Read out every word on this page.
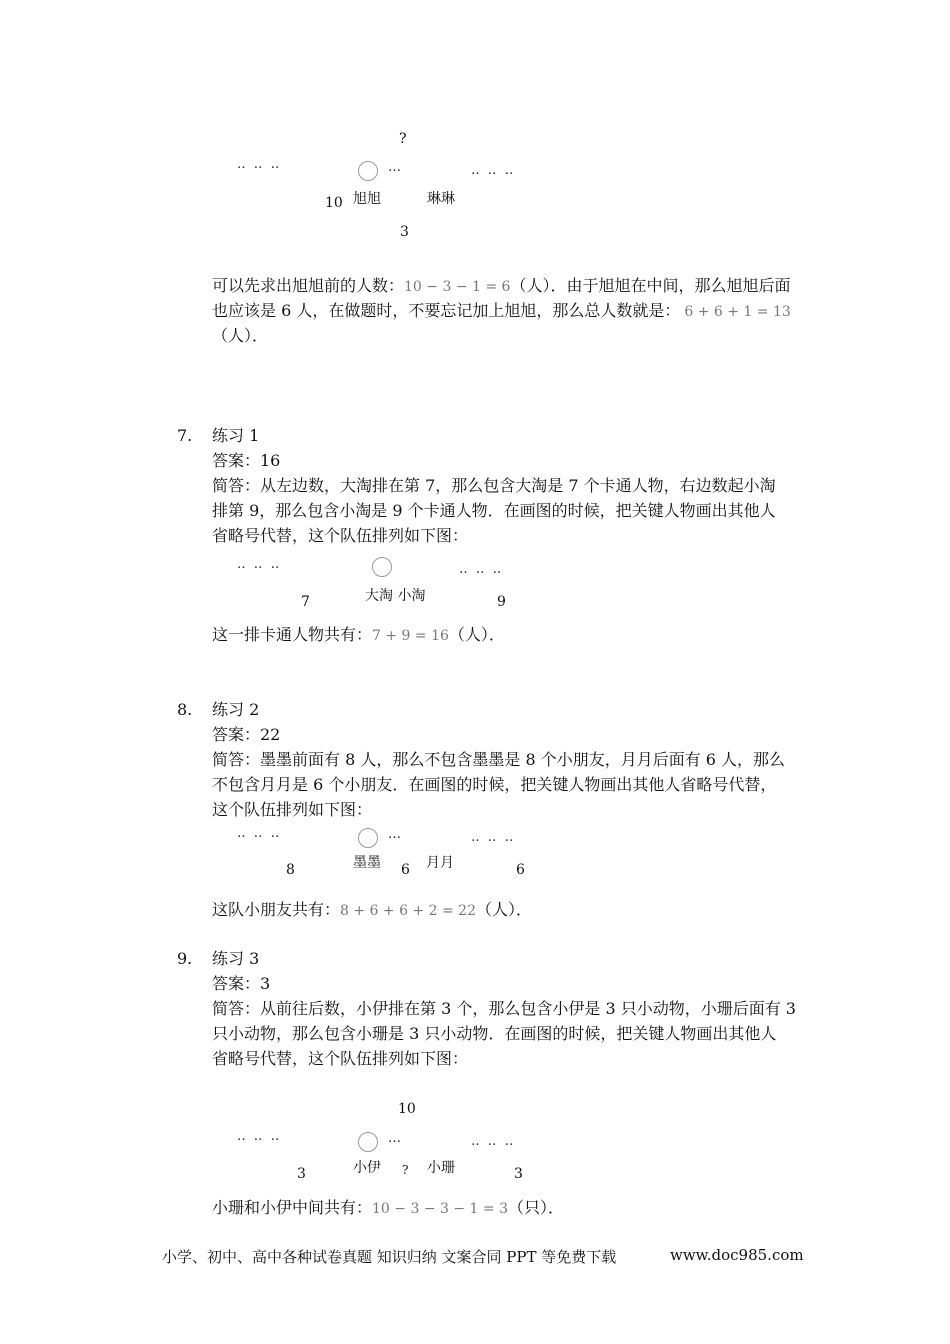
?
‥ ‥ ‥	…	‥ ‥ ‥
10 旭旭	琳琳
3
可以先求出旭旭前的人数：10 − 3 − 1 = 6（人）．由于旭旭在中间，那么旭旭后面
也应该是 6 人，在做题时，不要忘记加上旭旭，那么总人数就是： 6 + 6 + 1 = 13
（人）．
7. 练习 1
答案：16
简答：从左边数，大淘排在第 7，那么包含大淘是 7 个卡通人物，右边数起小淘
排第 9，那么包含小淘是 9 个卡通人物．在画图的时候，把关键人物画出其他人
省略号代替，这个队伍排列如下图：
‥ ‥ ‥	‥ ‥ ‥
大淘 小淘
7	9
这一排卡通人物共有：7 + 9 = 16（人）．
8. 练习 2
答案：22
简答：墨墨前面有 8 人，那么不包含墨墨是 8 个小朋友，月月后面有 6 人，那么
不包含月月是 6 个小朋友．在画图的时候，把关键人物画出其他人省略号代替，
这个队伍排列如下图：
‥ ‥ ‥	…	‥ ‥ ‥
8	墨墨 6 月月	6
这队小朋友共有：8 + 6 + 6 + 2 = 22（人）．
9. 练习 3
答案：3
简答：从前往后数，小伊排在第 3 个，那么包含小伊是 3 只小动物，小珊后面有 3
只小动物，那么包含小珊是 3 只小动物．在画图的时候，把关键人物画出其他人
省略号代替，这个队伍排列如下图：
10
‥ ‥ ‥	…	‥ ‥ ‥
3	小伊 ? 小珊	3
小珊和小伊中间共有：10 − 3 − 3 − 1 = 3（只）．
小学、初中、高中各种试卷真题 知识归纳 文案合同 PPT 等免费下载	www.doc985.com
